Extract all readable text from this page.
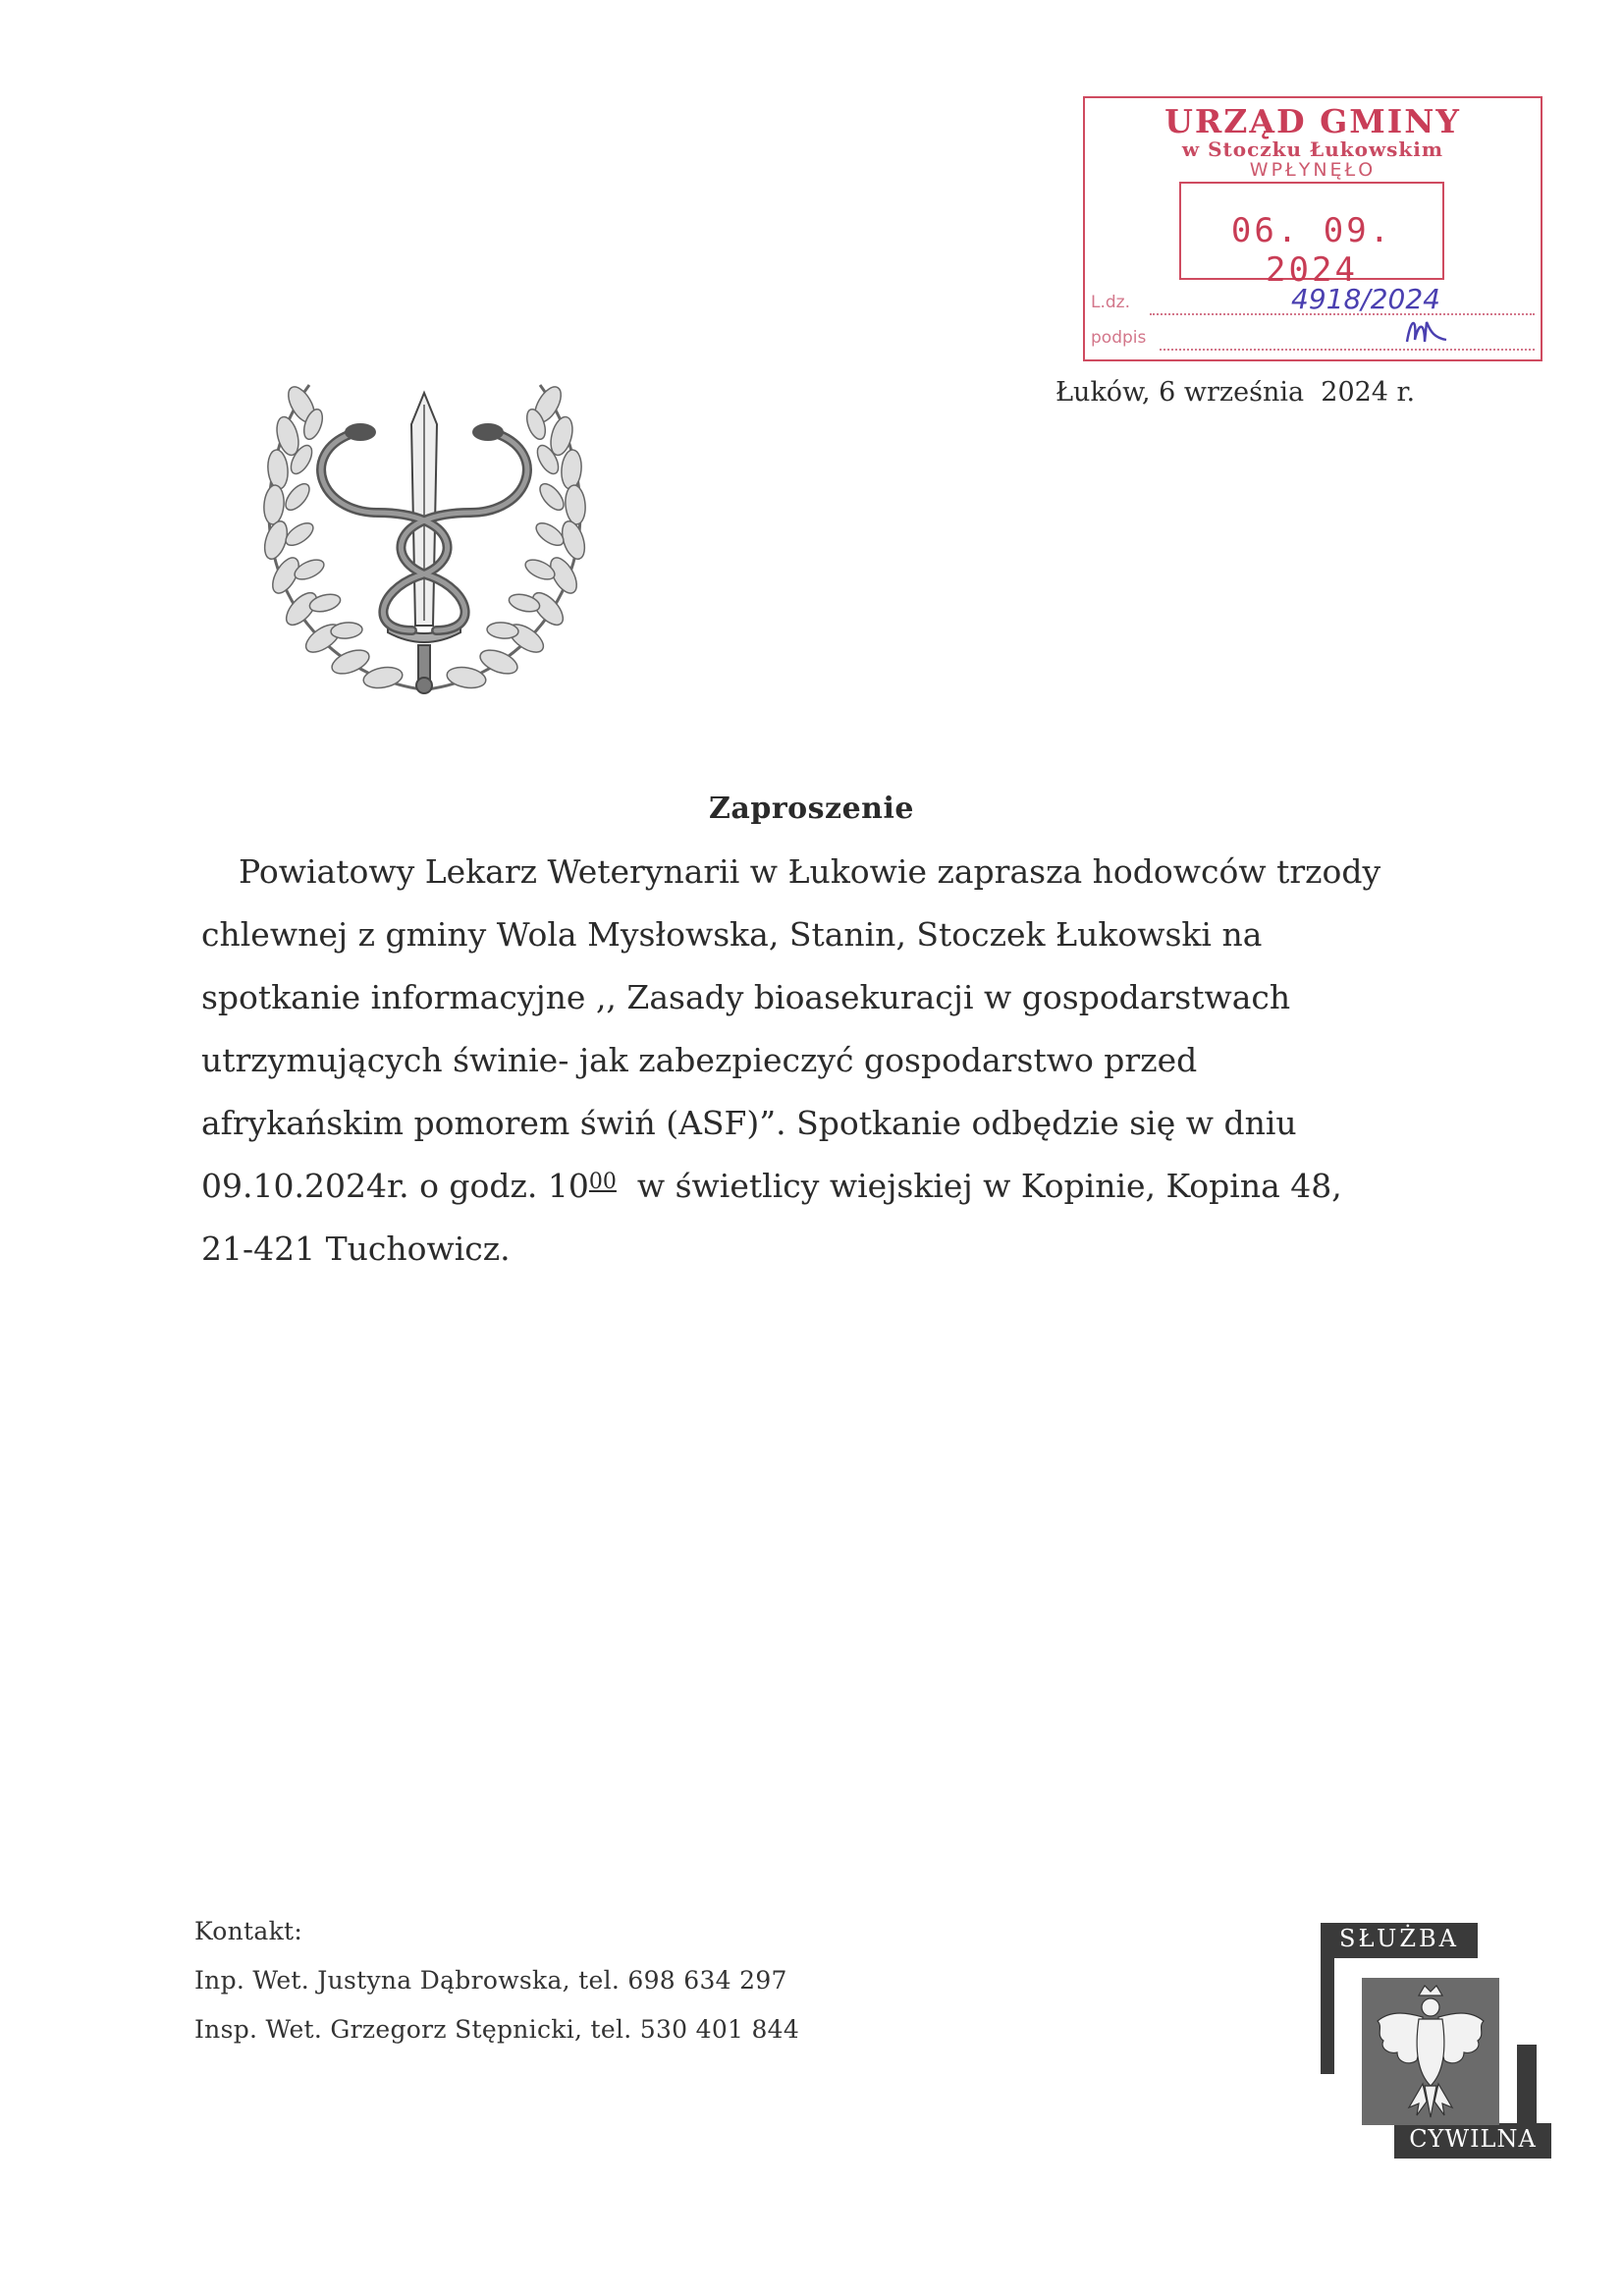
URZĄD GMINY
w Stoczku Łukowskim
WPŁYNĘŁO
06. 09. 2024
L.dz.	4918/2024
podpis
Łuków, 6 września  2024 r.
Zaproszenie
Powiatowy Lekarz Weterynarii w Łukowie zaprasza hodowców trzody
chlewnej z gminy Wola Mysłowska, Stanin, Stoczek Łukowski na
spotkanie informacyjne ,, Zasady bioasekuracji w gospodarstwach
utrzymujących świnie- jak zabezpieczyć gospodarstwo przed
afrykańskim pomorem świń (ASF)”. Spotkanie odbędzie się w dniu
09.10.2024r. o godz. $10^{00}$  w świetlicy wiejskiej w Kopinie, Kopina 48,
21-421 Tuchowicz.
Kontakt:
Inp. Wet. Justyna Dąbrowska, tel. 698 634 297
Insp. Wet. Grzegorz Stępnicki, tel. 530 401 844
SŁUŻBA
CYWILNA
